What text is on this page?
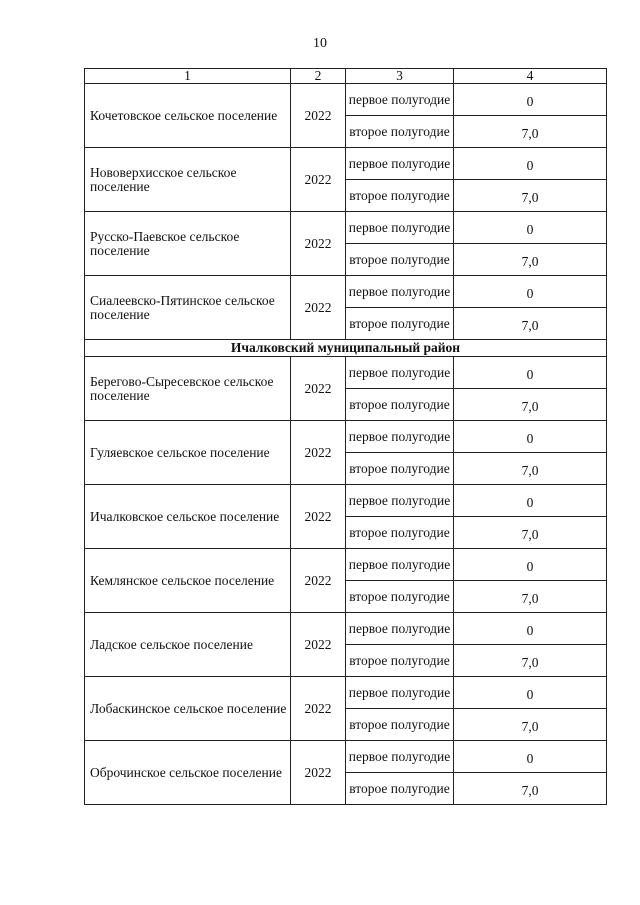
10
1	2	3	4
Кочетовское сельское поселение	2022	первое полугодие	0
		второе полугодие	7,0
Нововерхисское сельское поселение	2022	первое полугодие	0
		второе полугодие	7,0
Русско-Паевское сельское поселение	2022	первое полугодие	0
		второе полугодие	7,0
Сиалеевско-Пятинское сельское поселение	2022	первое полугодие	0
		второе полугодие	7,0
Ичалковский муниципальный район			
Берегово-Сыресевское сельское поселение	2022	первое полугодие	0
		второе полугодие	7,0
Гуляевское сельское поселение	2022	первое полугодие	0
		второе полугодие	7,0
Ичалковское сельское поселение	2022	первое полугодие	0
		второе полугодие	7,0
Кемлянское сельское поселение	2022	первое полугодие	0
		второе полугодие	7,0
Ладское сельское поселение	2022	первое полугодие	0
		второе полугодие	7,0
Лобаскинское сельское поселение	2022	первое полугодие	0
		второе полугодие	7,0
Оброчинское сельское поселение	2022	первое полугодие	0
		второе полугодие	7,0
